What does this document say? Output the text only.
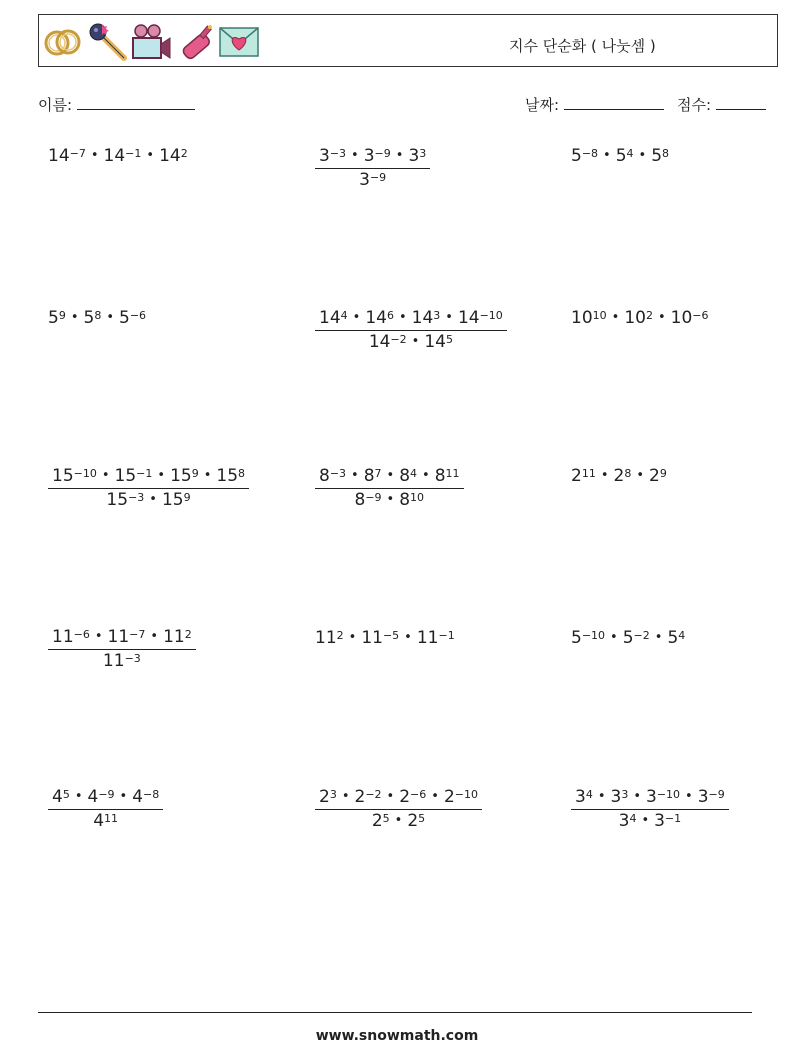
지수 단순화 ( 나눗셈 )
이름:	날짜:	점수:
$14^{-7}$ • $14^{-1}$ • $14^2$	$\frac{3^{-3} • 3^{-9} • 3^3}{3^{-9}}$	$5^{-8}$ • $5^4$ • $5^8$
$5^9$ • $5^8$ • $5^{-6}$	$\frac{14^4 • 14^6 • 14^3 • 14^{-10}}{14^{-2} • 14^5}$	$10^{10}$ • $10^2$ • $10^{-6}$
$\frac{15^{-10} • 15^{-1} • 15^9 • 15^8}{15^{-3} • 15^9}$	$\frac{8^{-3} • 8^7 • 8^4 • 8^{11}}{8^{-9} • 8^{10}}$	$2^{11}$ • $2^8$ • $2^9$
$\frac{11^{-6} • 11^{-7} • 11^2}{11^{-3}}$	$11^2$ • $11^{-5}$ • $11^{-1}$	$5^{-10}$ • $5^{-2}$ • $5^4$
$\frac{4^5 • 4^{-9} • 4^{-8}}{4^{11}}$	$\frac{2^3 • 2^{-2} • 2^{-6} • 2^{-10}}{2^5 • 2^5}$	$\frac{3^4 • 3^3 • 3^{-10} • 3^{-9}}{3^4 • 3^{-1}}$
www.snowmath.com
